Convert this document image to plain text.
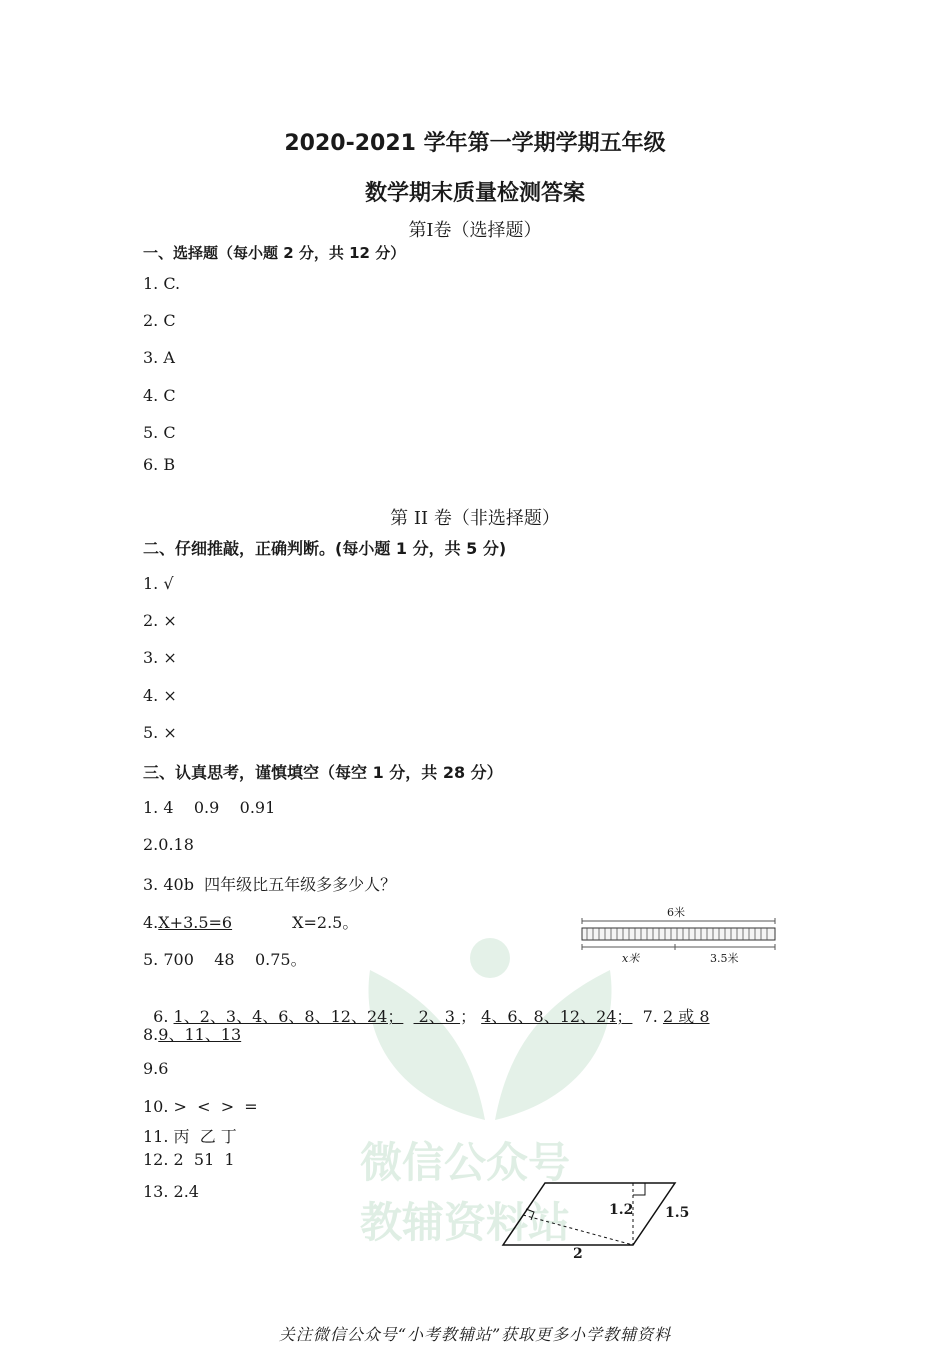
微信公众号
教辅资料站
2020-2021 学年第一学期学期五年级
数学期末质量检测答案
第Ⅰ卷（选择题）
一、选择题（每小题 2 分，共 12 分）
1. C.
2. C
3. A
4. C
5. C
6. B
第 II 卷（非选择题）
二、仔细推敲，正确判断。(每小题 1 分，共 5 分)
1. √
2. ×
3. ×
4. ×
5. ×
三、认真思考，谨慎填空（每空 1 分，共 28 分）
1. 4    0.9    0.91
2.0.18
3. 40b  四年级比五年级多多少人？
4.X+3.5=6	X=2.5。
5. 700    48    0.75。

6. 1、2、3、4、6、8、12、24；   2、3 ； 4、6、8、12、24； 7. 2 或 8

8.9、11、13
9.6
10. >  <  >  =
11. 丙  乙 丁
12. 2  51  1
13. 2.4
6米
x米	3.5米
1.2 1.5
2
关注微信公众号“小考教辅站”获取更多小学教辅资料
